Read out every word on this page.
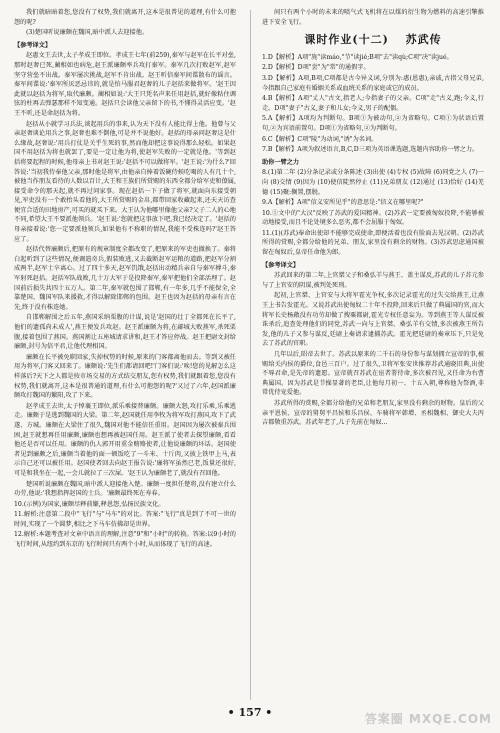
我们就暗暗着您,您没有了权势,我们就离开,这本是很普见的道理,有什么可抱怨的呢?

(3)楚国听说廉颇在魏国,暗中派人去迎接他。

【参考译文】

赵惠文王去世,太子孝成王即位。孝成王七年(前259),秦军与赵军在长平对垒,那时赵奢已死,蔺相如也病危,赵王派廉颇率兵攻打秦军。秦军几次打败赵军,赵军坚守营垒不出战。秦军屡次挑战,赵军不肯出战。赵王听信秦军间谍散布的谣言。秦军间谍说:'秦军所厌恶忌讳的,就是怕马服君赵奢的儿子赵括来做将军。'赵王因此就以赵括为将军,取代廉颇。蔺相如说:'大王只凭名声来任用赵括,就好像粘住调弦的柱再去弹瑟那样不知变通。赵括只会读他父亲留下的书,不懂得灵活应变。'赵王不听,还是命赵括为将。

赵括从小就学习兵法,谈起用兵的事来,认为天下没有人能比得上他。他曾与父亲赵奢谈论用兵之事,赵奢也难不倒他,可是并不说他好。赵括的母亲问赵奢这是什么缘故,赵奢说:'用兵打仗是关乎生死的事,然而他却把这事说得那么轻松。如果赵国不用赵括为将也就罢了,要是一定让他为将,使赵军失败的一定就是他。'等到赵括将要起程的时候,他母亲上书对赵王说:'赵括不可以做将军。'赵王说:'为什么?'回答说:'当初我侍奉他父亲,那时他是将军,由他亲自捧着饭碗侍候吃喝的人有几十个,被他当作朋友看待的人数以百计,大王和王族们所赏赐的东西全都分给军吏和僚属,接受命令的那天起,就不再过问家事。现在赵括一下子做了将军,就面向东接受朝见,军吏没有一个敢抬头看他的,大王所赏赐的金帛,都带回家收藏起来,还天天访查便宜合适的田地房产,可买的就买下来。大王认为他哪里像他父亲?父子二人的心地不同,希望大王不要派他领兵。'赵王说:'您就把这事放下吧,我已经决定了。'赵括的母亲接着说:'您一定要派他领兵,如果他有不称职的情况,我能不受株连吗?'赵王答应了。

赵括代替廉颇后,把原有的规章制度全都改变了,把原来的军吏也撤换了。秦将白起听到了这些情况,便调遣奇兵,假装败逃,又去截断赵军运粮的道路,把赵军分割成两半,赵军士卒离心。过了四十多天,赵军饥饿,赵括出动精兵亲自与秦军搏斗,秦军射死赵括。赵括军队战败,几十万大军于是投降秦军,秦军把他们全部活埋了。赵国前后损失共四十五万人。第二年,秦军就包围了邯郸,有一年多,几乎不能保全,全靠楚国、魏国军队来援救,才得以解除邯郸的包围。赵王也因为赵括的母亲有言在先,终于没有株连她。

自邯郸解围之后五年,燕国采纳栗腹的计谋,说是'赵国的壮丁全都死在长平了,他们的遗孤尚未成人',燕王便发兵攻赵。赵王派廉颇为将,在鄗城大败燕军,杀死栗腹,接着包围了燕国。燕国割让五座城请求讲和,赵王才答应停战。赵王把尉文封给廉颇,封号为信平君,让他代理相国。

廉颇在长平被免职回家,失掉权势的时候,原来的门客都离他而去。等到又被任用为将军,门客又回来了。廉颇说:'先生们都请回吧!'门客们说:'唉!您的见解怎么这样落后?天下之人都是按市场交易的方式结交朋友,您有权势,我们就跟着您,您没有权势,我们就离开,这本是很普通的道理,有什么可抱怨的呢?'又过了六年,赵国派廉颇攻打魏国的繁阳,攻了下来。

赵孝成王去世,太子悼襄王即位,派乐乘接替廉颇。廉颇大怒,攻打乐乘,乐乘逃走。廉颇于是逃到魏国的大梁。第二年,赵国就任用李牧为将军攻打燕国,攻下了武遂、方城。廉颇在大梁住了很久,魏国对他不能信任重用。赵国因为屡次被秦兵围困,赵王就想再任用廉颇,廉颇也想再被赵国任用。赵王派了使者去探望廉颇,看看他还是否可以任用。廉颇的仇人郭开用重金贿赂使者,让他说廉颇的坏话。赵国使者见到廉颇之后,廉颇当着他的面一顿饭吃了一斗米、十斤肉,又披上铁甲上马,表示自己还可以被任用。赵国使者回去向赵王报告说:'廉将军虽然已老,饭量还很好,可是和我坐在一起,一会儿就拉了三次屎。'赵王认为廉颇老了,就没有召回他。

楚国听说廉颇在魏国,暗中派人迎接他入楚。廉颇一度担任楚将,没有建立什么功劳,他说:'我想指挥赵国的士兵。'廉颇最终死在寿春。

10.(示例)为国家,廉颇尽释前嫌,释恩怨,弘扬民族文化。

11.解析:注意第二段中"飞行"与"马车"的对比。答案:"飞行"真是到了不可一世的时间,实现了一个圆梦,相比之下马车仿佛却是世界。

12.解析:本题考查对文章中语言的理解,注意"9"和"小时"的转换。答案:以9小时的飞行时间,从纽约到东京的飞行时间只有两个小时,从而体现了飞行的高速。

间只有两个小时的未来的喷气式飞机将在以煤的衍生物为燃料的高速引擎推进下安全飞行。

课时作业(十二) 苏武传

1.D【解析】A项"旄"读máo,"节"读jié;B项"去"读qù;C项"决"读jué。

2.D【解析】D项"尝"为"常"的通假字。

3.D【解析】A项,B项,C项都是古今异义词,分别为:惠(恩惠),亲戚,古指父母兄弟,今指跟自己家庭有婚姻关系或血统关系的家庭或它的成员。

4.B【解析】A项"丈人"古文,指老人;今指妻子的父亲。C项"走"古义,跑;今义,行走。D项"妻子"古义,妻子和儿女;今义,男子的配偶。

5.A【解析】A项均为判断句。B项①为被动句,②为省略句。C项①为状语后置句,②为宾语前置句。D项①为省略句,②为判断句。

6.C【解析】C项"陵"为动词,"诱"为名词。

7.B【解析】A项为叙述语言,B,C,D三项为英语课选题,选题内容助你一臂之力。

助你一臂之力

8.(1)第二年 (2)分条记录或分条陈述 (3)出使 (4)专权 (5)故障 (6)同党之人 (7)一向 (8)交情 (9)因为 (10)使信陡然停止 (11)兄弟朋友 (12)通过 (13)恰好 (14)羌德 (15)聚:搁置,摆脱。

9.A【解析】A项"信义安所见乎"的意思是:"信义在哪里呢?"

10.①文中的"大汉"反映了苏武的爱国精神。(2)苏武一定要被匈奴投降,不能够被动地接受,而且不论处境多么恶劣,都不会屈服于匈奴。

11.(1)(苏武)奉命出使却不能够完成使命,即便活着也没有脸面去见汉朝。(2)苏武所得的赏赐,全都分给他的兄弟、朋友,家里没有剩余的财物。(3)苏武思虑通国被留在匈奴后,皇帝任命他为郎。

【参考译文】

苏武回来的第二年,上官桀父子和桑弘羊与燕王、盖主谋反,苏武的儿子苏元参与了上官安的阴谋,被判处死刑。

起初,上官桀、上官安与大将军霍光争权,多次记录霍光的过失交给燕王,让燕王上书告发霍光。又说苏武出使匈奴二十年不投降,回来后只做了典属国的官,而大将军长史杨敞没有功劳却做了搜粟都尉,霍光专权任意妄为。等到燕王等人谋反被诛杀后,追查处理他们的同党,苏武一向与上官桀、桑弘羊有交情,多次被燕王所告发,他的儿子又参与谋反,廷尉上奏请求逮捕苏武。霍光把廷尉的奏章压下,只是免去了苏武的官职。

几年以后,昭帝去世了。苏武以原来的二千石的身份参与谋划拥立宣帝的事,被赐给关内侯的爵位,食邑三百户。过了很久,卫将军张安世推荐苏武通晓旧典,出使不辱君命,是先帝的遗愿。宣帝就召苏武在宦者署待命,多次被召见,又任命为右曹典属国。因为苏武是节操显著的老臣,让他每月初一、十五入朝,尊称他为祭酒,非常优待宠爱他。

苏武所得的赏赐,全都分给他的兄弟和老朋友,家里没有剩余的财物。皇后的父亲平恩侯、宣帝的舅舅平昌侯和乐昌侯、车骑将军韩增、丞相魏相、御史大夫丙吉都敬重苏武。苏武年老了,儿子先前在匈奴...

• 157 •	答案圈 MXQE.COM
